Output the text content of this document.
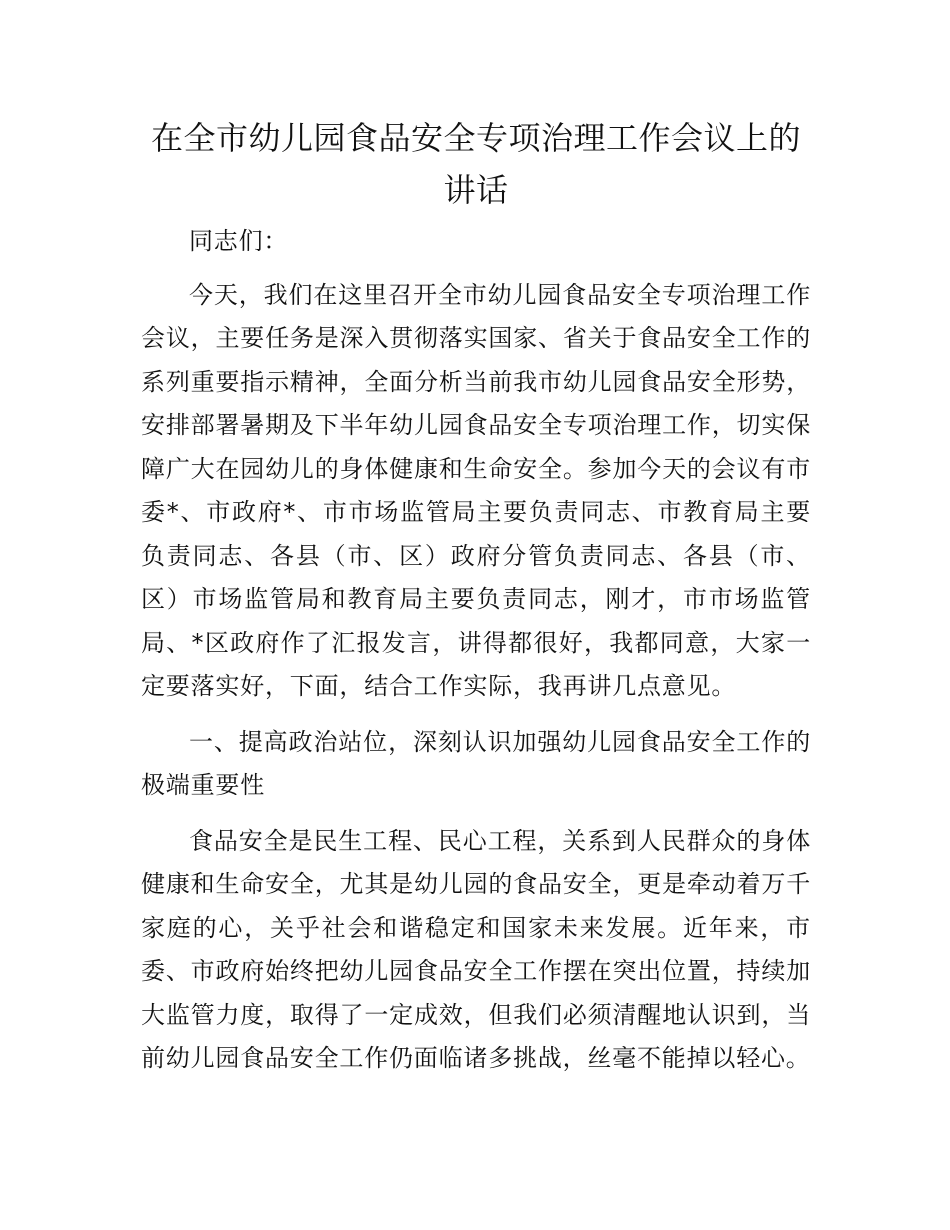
在全市幼儿园食品安全专项治理工作会议上的
讲话

同志们：

今天，我们在这里召开全市幼儿园食品安全专项治理工作会议，主要任务是深入贯彻落实国家、省关于食品安全工作的系列重要指示精神，全面分析当前我市幼儿园食品安全形势，安排部署暑期及下半年幼儿园食品安全专项治理工作，切实保障广大在园幼儿的身体健康和生命安全。参加今天的会议有市委*、市政府*、市市场监管局主要负责同志、市教育局主要负责同志、各县（市、区）政府分管负责同志、各县（市、区）市场监管局和教育局主要负责同志，刚才，市市场监管局、*区政府作了汇报发言，讲得都很好，我都同意，大家一定要落实好，下面，结合工作实际，我再讲几点意见。

一、提高政治站位，深刻认识加强幼儿园食品安全工作的极端重要性

食品安全是民生工程、民心工程，关系到人民群众的身体健康和生命安全，尤其是幼儿园的食品安全，更是牵动着万千家庭的心，关乎社会和谐稳定和国家未来发展。近年来，市委、市政府始终把幼儿园食品安全工作摆在突出位置，持续加大监管力度，取得了一定成效，但我们必须清醒地认识到，当前幼儿园食品安全工作仍面临诸多挑战，丝毫不能掉以轻心。
